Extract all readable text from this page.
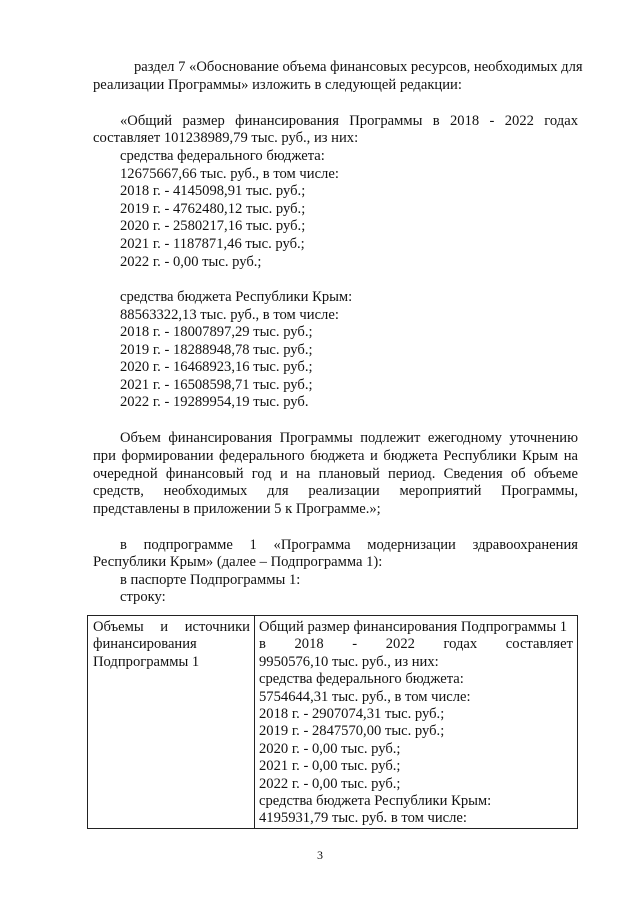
раздел 7 «Обоснование объема финансовых ресурсов, необходимых для
реализации Программы» изложить в следующей редакции:
«Общий размер финансирования Программы в 2018 - 2022 годах
составляет 101238989,79 тыс. руб., из них:
средства федерального бюджета:
12675667,66 тыс. руб., в том числе:
2018 г. - 4145098,91 тыс. руб.;
2019 г. - 4762480,12 тыс. руб.;
2020 г. - 2580217,16 тыс. руб.;
2021 г. - 1187871,46 тыс. руб.;
2022 г. - 0,00 тыс. руб.;
средства бюджета Республики Крым:
88563322,13 тыс. руб., в том числе:
2018 г. - 18007897,29 тыс. руб.;
2019 г. - 18288948,78 тыс. руб.;
2020 г. - 16468923,16 тыс. руб.;
2021 г. - 16508598,71 тыс. руб.;
2022 г. - 19289954,19 тыс. руб.
Объем финансирования Программы подлежит ежегодному уточнению
при формировании федерального бюджета и бюджета Республики Крым на
очередной финансовый год и на плановый период. Сведения об объеме
средств, необходимых для реализации мероприятий Программы,
представлены в приложении 5 к Программе.»;
в подпрограмме 1 «Программа модернизации здравоохранения
Республики Крым» (далее – Подпрограмма 1):
в паспорте Подпрограммы 1:
строку:
Объемы и источники
финансирования
Подпрограммы 1

Общий размер финансирования Подпрограммы 1
в 2018 - 2022 годах составляет
9950576,10 тыс. руб., из них:
средства федерального бюджета:
5754644,31 тыс. руб., в том числе:
2018 г. - 2907074,31 тыс. руб.;
2019 г. - 2847570,00 тыс. руб.;
2020 г. - 0,00 тыс. руб.;
2021 г. - 0,00 тыс. руб.;
2022 г. - 0,00 тыс. руб.;
средства бюджета Республики Крым:
4195931,79 тыс. руб. в том числе:
3
